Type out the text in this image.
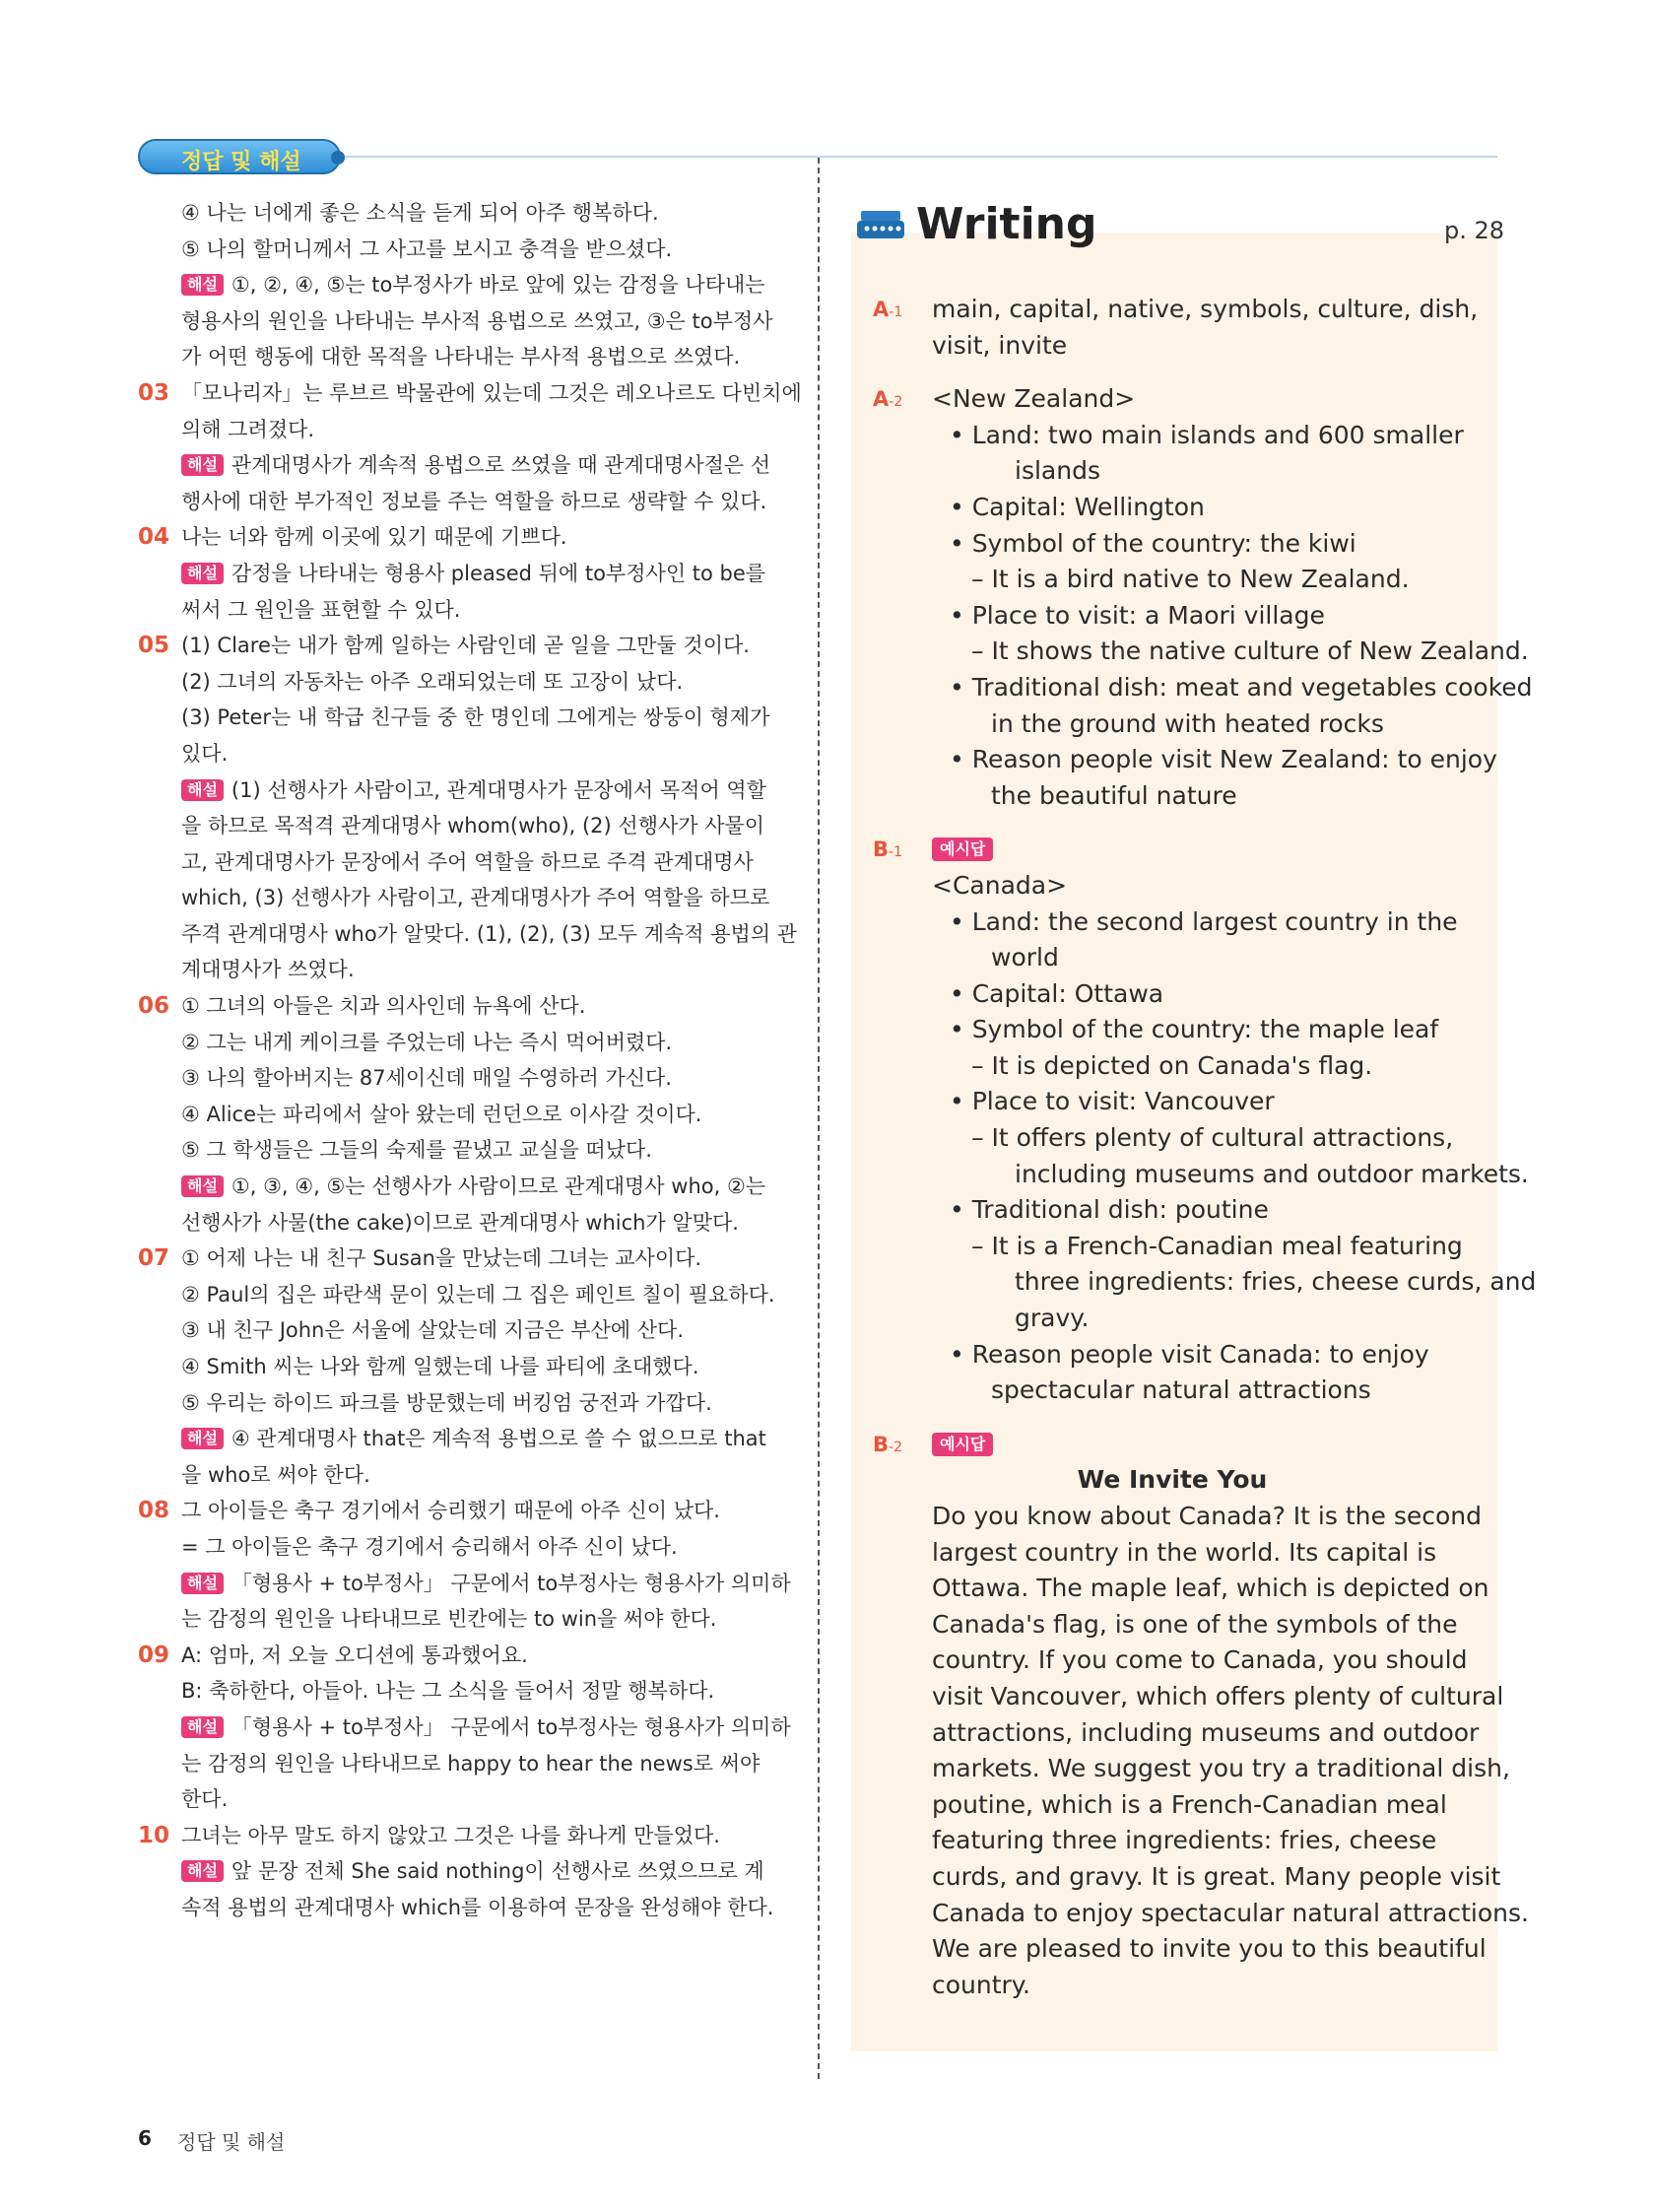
정답 및 해설
④ 나는 너에게 좋은 소식을 듣게 되어 아주 행복하다.
⑤ 나의 할머니께서 그 사고를 보시고 충격을 받으셨다.
해설 ①, ②, ④, ⑤는 to부정사가 바로 앞에 있는 감정을 나타내는
형용사의 원인을 나타내는 부사적 용법으로 쓰였고, ③은 to부정사
가 어떤 행동에 대한 목적을 나타내는 부사적 용법으로 쓰였다.
03 「모나리자」는 루브르 박물관에 있는데 그것은 레오나르도 다빈치에
의해 그려졌다.
해설 관계대명사가 계속적 용법으로 쓰였을 때 관계대명사절은 선
행사에 대한 부가적인 정보를 주는 역할을 하므로 생략할 수 있다.
04 나는 너와 함께 이곳에 있기 때문에 기쁘다.
해설 감정을 나타내는 형용사 pleased 뒤에 to부정사인 to be를
써서 그 원인을 표현할 수 있다.
05 (1) Clare는 내가 함께 일하는 사람인데 곧 일을 그만둘 것이다.
(2) 그녀의 자동차는 아주 오래되었는데 또 고장이 났다.
(3) Peter는 내 학급 친구들 중 한 명인데 그에게는 쌍둥이 형제가
있다.
해설 (1) 선행사가 사람이고, 관계대명사가 문장에서 목적어 역할
을 하므로 목적격 관계대명사 whom(who), (2) 선행사가 사물이
고, 관계대명사가 문장에서 주어 역할을 하므로 주격 관계대명사
which, (3) 선행사가 사람이고, 관계대명사가 주어 역할을 하므로
주격 관계대명사 who가 알맞다. (1), (2), (3) 모두 계속적 용법의 관
계대명사가 쓰였다.
06 ① 그녀의 아들은 치과 의사인데 뉴욕에 산다.
② 그는 내게 케이크를 주었는데 나는 즉시 먹어버렸다.
③ 나의 할아버지는 87세이신데 매일 수영하러 가신다.
④ Alice는 파리에서 살아 왔는데 런던으로 이사갈 것이다.
⑤ 그 학생들은 그들의 숙제를 끝냈고 교실을 떠났다.
해설 ①, ③, ④, ⑤는 선행사가 사람이므로 관계대명사 who, ②는
선행사가 사물(the cake)이므로 관계대명사 which가 알맞다.
07 ① 어제 나는 내 친구 Susan을 만났는데 그녀는 교사이다.
② Paul의 집은 파란색 문이 있는데 그 집은 페인트 칠이 필요하다.
③ 내 친구 John은 서울에 살았는데 지금은 부산에 산다.
④ Smith 씨는 나와 함께 일했는데 나를 파티에 초대했다.
⑤ 우리는 하이드 파크를 방문했는데 버킹엄 궁전과 가깝다.
해설 ④ 관계대명사 that은 계속적 용법으로 쓸 수 없으므로 that
을 who로 써야 한다.
08 그 아이들은 축구 경기에서 승리했기 때문에 아주 신이 났다.
= 그 아이들은 축구 경기에서 승리해서 아주 신이 났다.
해설 「형용사 + to부정사」 구문에서 to부정사는 형용사가 의미하
는 감정의 원인을 나타내므로 빈칸에는 to win을 써야 한다.
09 A: 엄마, 저 오늘 오디션에 통과했어요.
B: 축하한다, 아들아. 나는 그 소식을 들어서 정말 행복하다.
해설 「형용사 + to부정사」 구문에서 to부정사는 형용사가 의미하
는 감정의 원인을 나타내므로 happy to hear the news로 써야
한다.
10 그녀는 아무 말도 하지 않았고 그것은 나를 화나게 만들었다.
해설 앞 문장 전체 She said nothing이 선행사로 쓰였으므로 계
속적 용법의 관계대명사 which를 이용하여 문장을 완성해야 한다.
Writing	p. 28
A-1 main, capital, native, symbols, culture, dish,
visit, invite
A-2 <New Zealand>
• Land: two main islands and 600 smaller
islands
• Capital: Wellington
• Symbol of the country: the kiwi
– It is a bird native to New Zealand.
• Place to visit: a Maori village
– It shows the native culture of New Zealand.
• Traditional dish: meat and vegetables cooked
in the ground with heated rocks
• Reason people visit New Zealand: to enjoy
the beautiful nature
B-1 예시답
<Canada>
• Land: the second largest country in the
world
• Capital: Ottawa
• Symbol of the country: the maple leaf
– It is depicted on Canada's flag.
• Place to visit: Vancouver
– It offers plenty of cultural attractions,
including museums and outdoor markets.
• Traditional dish: poutine
– It is a French-Canadian meal featuring
three ingredients: fries, cheese curds, and
gravy.
• Reason people visit Canada: to enjoy
spectacular natural attractions
B-2 예시답
We Invite You
Do you know about Canada? It is the second
largest country in the world. Its capital is
Ottawa. The maple leaf, which is depicted on
Canada's flag, is one of the symbols of the
country. If you come to Canada, you should
visit Vancouver, which offers plenty of cultural
attractions, including museums and outdoor
markets. We suggest you try a traditional dish,
poutine, which is a French-Canadian meal
featuring three ingredients: fries, cheese
curds, and gravy. It is great. Many people visit
Canada to enjoy spectacular natural attractions.
We are pleased to invite you to this beautiful
country.
6 정답 및 해설
